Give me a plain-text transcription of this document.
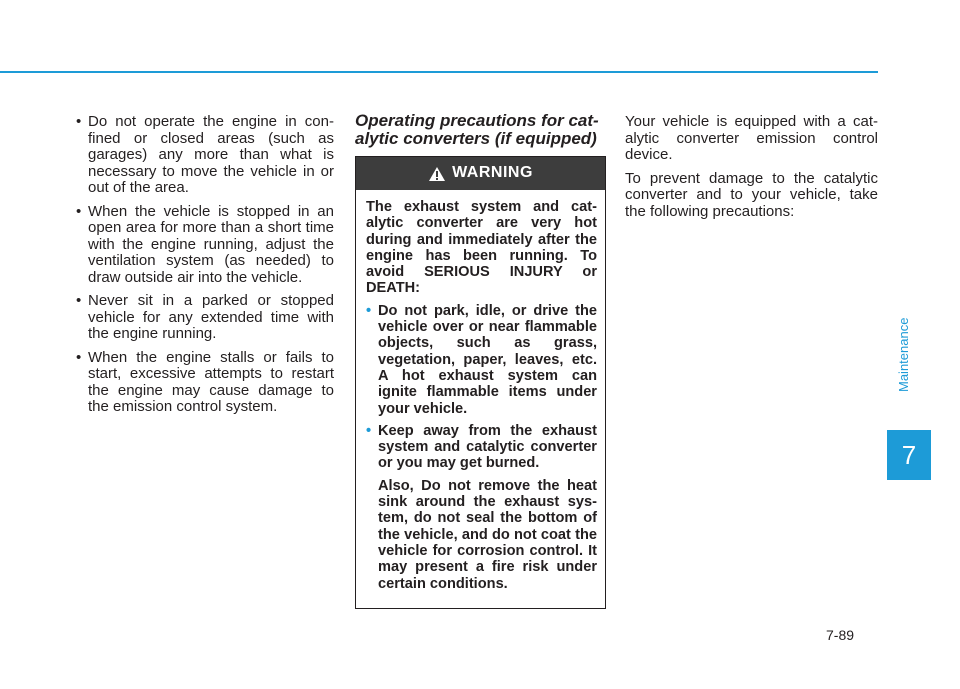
• Do not operate the engine in confined or closed areas (such as garages) any more than what is necessary to move the vehicle in or out of the area.
• When the vehicle is stopped in an open area for more than a short time with the engine running, adjust the ventilation system (as needed) to draw outside air into the vehicle.
• Never sit in a parked or stopped vehicle for any extended time with the engine running.
• When the engine stalls or fails to start, excessive attempts to restart the engine may cause damage to the emission control system.
Operating precautions for catalytic converters (if equipped)
WARNING

The exhaust system and catalytic converter are very hot during and immediately after the engine has been running. To avoid SERIOUS INJURY or DEATH:

• Do not park, idle, or drive the vehicle over or near flammable objects, such as grass, vegetation, paper, leaves, etc. A hot exhaust system can ignite flammable items under your vehicle.
• Keep away from the exhaust system and catalytic converter or you may get burned.

Also, Do not remove the heat sink around the exhaust system, do not seal the bottom of the vehicle, and do not coat the vehicle for corrosion control. It may present a fire risk under certain conditions.

Your vehicle is equipped with a catalytic converter emission control device.

To prevent damage to the catalytic converter and to your vehicle, take the following precautions:

Maintenance
7
7-89
